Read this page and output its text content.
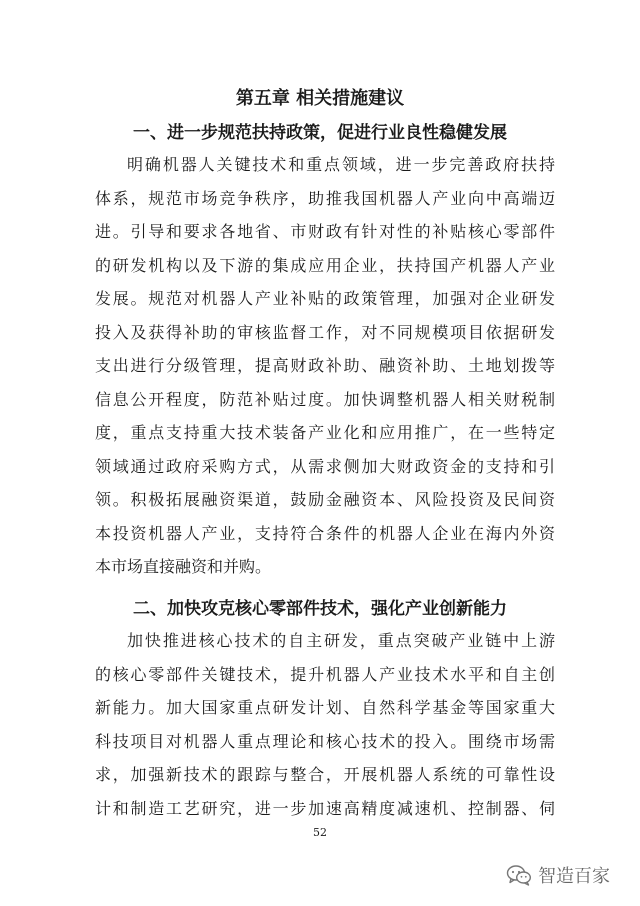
第五章 相关措施建议
一、进一步规范扶持政策，促进行业良性稳健发展

明确机器人关键技术和重点领域，进一步完善政府扶持
体系，规范市场竞争秩序，助推我国机器人产业向中高端迈
进。引导和要求各地省、市财政有针对性的补贴核心零部件
的研发机构以及下游的集成应用企业，扶持国产机器人产业
发展。规范对机器人产业补贴的政策管理，加强对企业研发
投入及获得补助的审核监督工作，对不同规模项目依据研发
支出进行分级管理，提高财政补助、融资补助、土地划拨等
信息公开程度，防范补贴过度。加快调整机器人相关财税制
度，重点支持重大技术装备产业化和应用推广，在一些特定
领域通过政府采购方式，从需求侧加大财政资金的支持和引
领。积极拓展融资渠道，鼓励金融资本、风险投资及民间资
本投资机器人产业，支持符合条件的机器人企业在海内外资
本市场直接融资和并购。

二、加快攻克核心零部件技术，强化产业创新能力

加快推进核心技术的自主研发，重点突破产业链中上游
的核心零部件关键技术，提升机器人产业技术水平和自主创
新能力。加大国家重点研发计划、自然科学基金等国家重大
科技项目对机器人重点理论和核心技术的投入。围绕市场需
求，加强新技术的跟踪与整合，开展机器人系统的可靠性设
计和制造工艺研究，进一步加速高精度减速机、控制器、伺

52
智造百家
